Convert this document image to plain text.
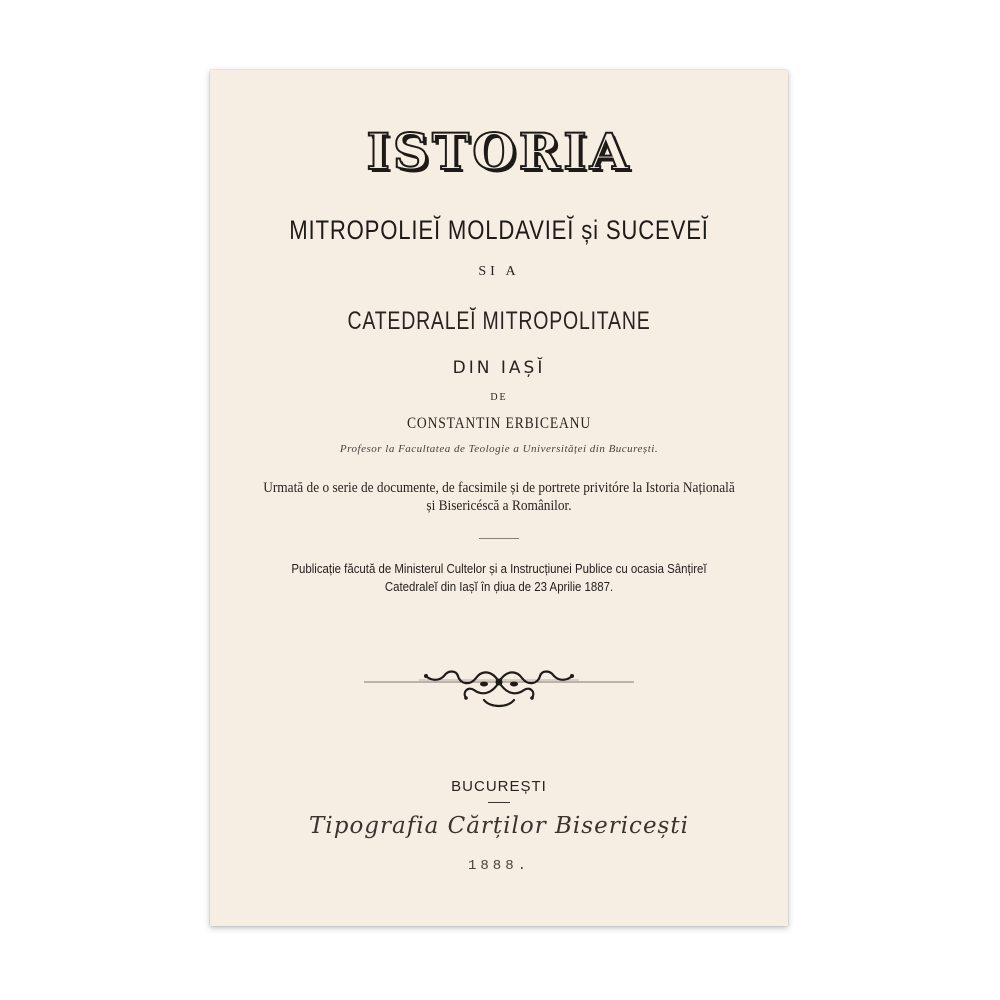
ISTORIA
MITROPOLIEĬ MOLDAVIEĬ și SUCEVEĬ
SI A
CATEDRALEĬ MITROPOLITANE
DIN IAȘĬ
DE
CONSTANTIN ERBICEANU
Profesor la Facultatea de Teologie a Universităței din București.
Urmată de o serie de documente, de facsimile și de portrete privitóre la Istoria Națională
și Bisericéscă a Românilor.
Publicație făcută de Ministerul Cultelor și a Instrucțiunei Publice cu ocasia Sânțireĭ
Catedraleĭ din Iașĭ în ḑiua de 23 Aprilie 1887.
BUCUREȘTI
Tipografia Cărților Bisericești
1888.
